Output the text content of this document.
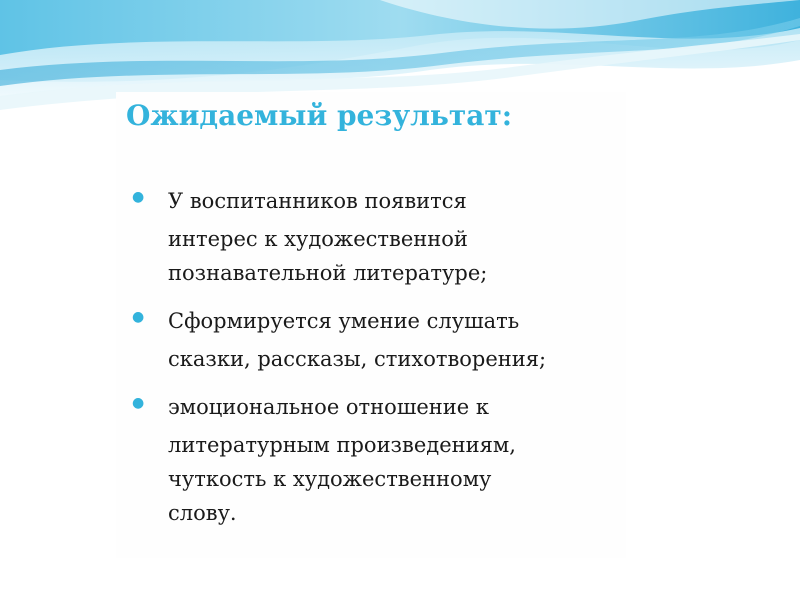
Ожидаемый результат:
● У воспитанников появится
интерес к художественной
познавательной литературе;
● Сформируется умение слушать
сказки, рассказы, стихотворения;
● эмоциональное отношение к
литературным произведениям,
чуткость к художественному
слову.
